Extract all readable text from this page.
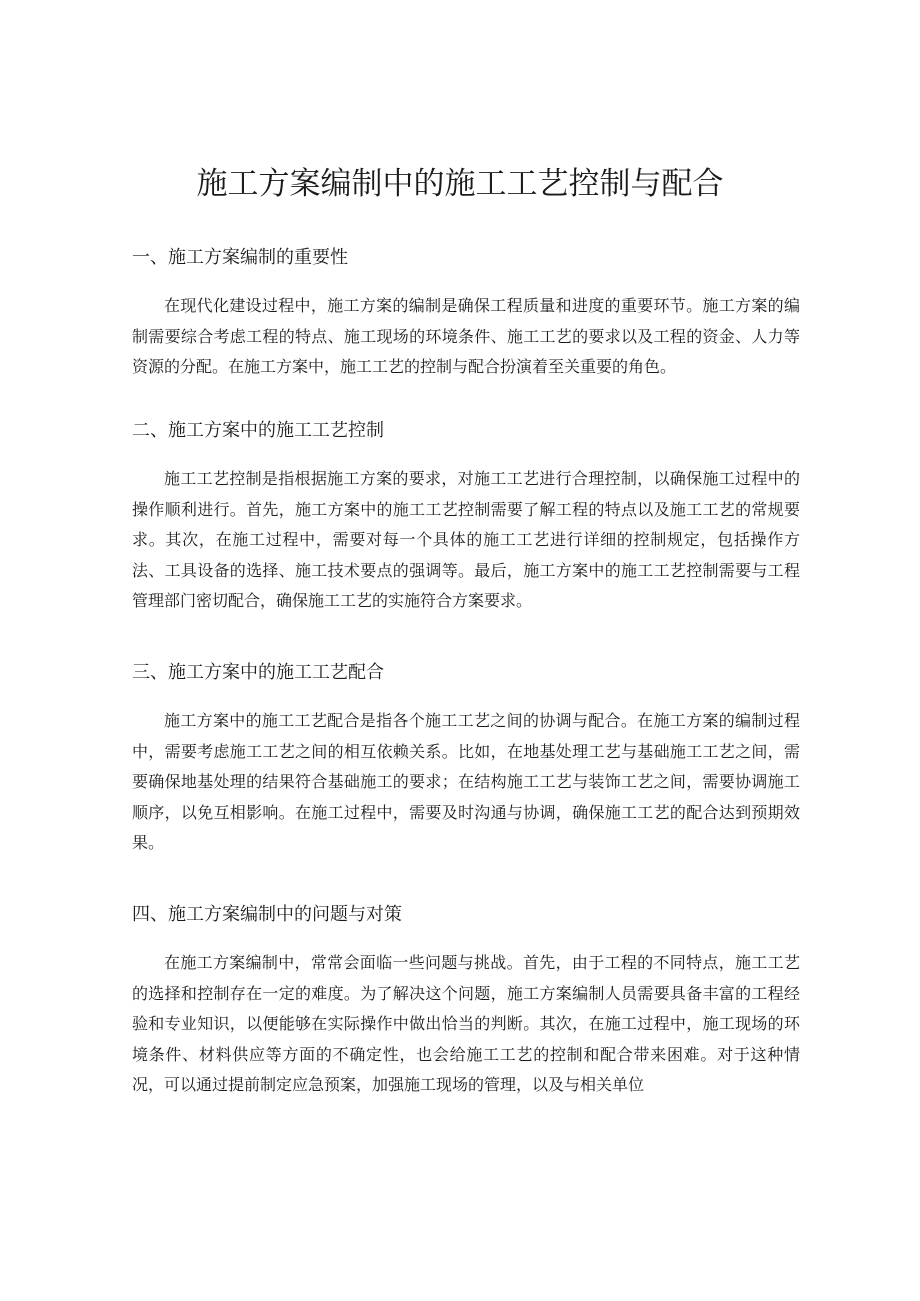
施工方案编制中的施工工艺控制与配合
一、施工方案编制的重要性

在现代化建设过程中，施工方案的编制是确保工程质量和进度的重要环节。施工方案的编制需要综合考虑工程的特点、施工现场的环境条件、施工工艺的要求以及工程的资金、人力等资源的分配。在施工方案中，施工工艺的控制与配合扮演着至关重要的角色。

二、施工方案中的施工工艺控制

施工工艺控制是指根据施工方案的要求，对施工工艺进行合理控制，以确保施工过程中的操作顺利进行。首先，施工方案中的施工工艺控制需要了解工程的特点以及施工工艺的常规要求。其次，在施工过程中，需要对每一个具体的施工工艺进行详细的控制规定，包括操作方法、工具设备的选择、施工技术要点的强调等。最后，施工方案中的施工工艺控制需要与工程管理部门密切配合，确保施工工艺的实施符合方案要求。

三、施工方案中的施工工艺配合

施工方案中的施工工艺配合是指各个施工工艺之间的协调与配合。在施工方案的编制过程中，需要考虑施工工艺之间的相互依赖关系。比如，在地基处理工艺与基础施工工艺之间，需要确保地基处理的结果符合基础施工的要求；在结构施工工艺与装饰工艺之间，需要协调施工顺序，以免互相影响。在施工过程中，需要及时沟通与协调，确保施工工艺的配合达到预期效果。

四、施工方案编制中的问题与对策

在施工方案编制中，常常会面临一些问题与挑战。首先，由于工程的不同特点，施工工艺的选择和控制存在一定的难度。为了解决这个问题，施工方案编制人员需要具备丰富的工程经验和专业知识，以便能够在实际操作中做出恰当的判断。其次，在施工过程中，施工现场的环境条件、材料供应等方面的不确定性，也会给施工工艺的控制和配合带来困难。对于这种情况，可以通过提前制定应急预案，加强施工现场的管理，以及与相关单位
